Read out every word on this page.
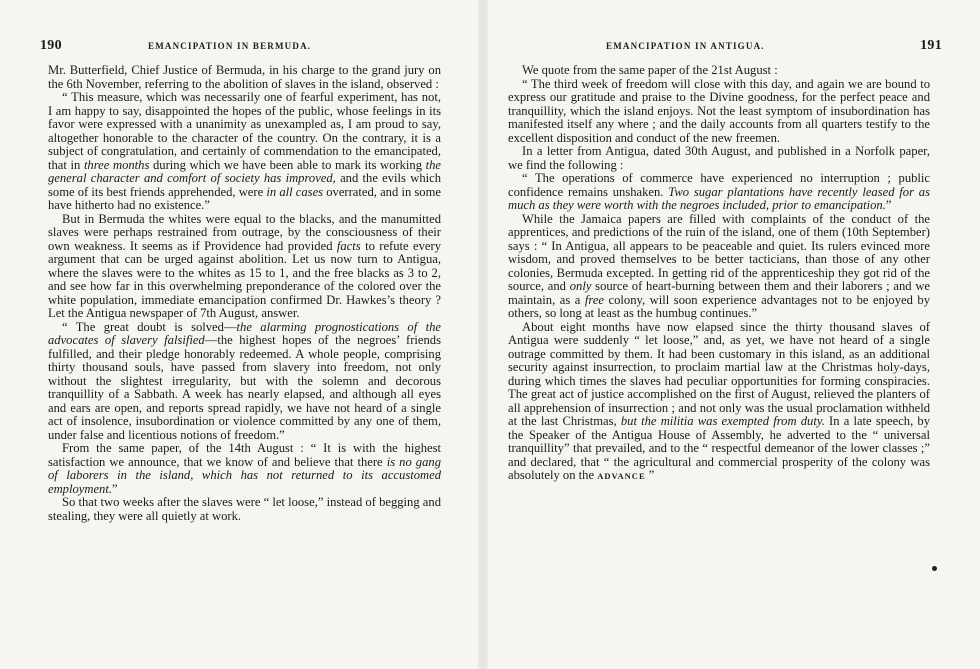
190	EMANCIPATION IN BERMUDA.

Mr. Butterfield, Chief Justice of Bermuda, in his charge to the grand jury on the 6th November, referring to the abolition of slaves in the island, observed :

“ This measure, which was necessarily one of fearful experiment, has not, I am happy to say, disappointed the hopes of the public, whose feelings in its favor were expressed with a unanimity as unexampled as, I am proud to say, altogether honorable to the character of the country. On the contrary, it is a subject of congratulation, and certainly of commendation to the emancipated, that in three months during which we have been able to mark its working the general character and comfort of society has improved, and the evils which some of its best friends apprehended, were in all cases overrated, and in some have hitherto had no existence.”

But in Bermuda the whites were equal to the blacks, and the manumitted slaves were perhaps restrained from outrage, by the consciousness of their own weakness. It seems as if Providence had provided facts to refute every argument that can be urged against abolition. Let us now turn to Antigua, where the slaves were to the whites as 15 to 1, and the free blacks as 3 to 2, and see how far in this overwhelming preponderance of the colored over the white population, immediate emancipation confirmed Dr. Hawkes’s theory ? Let the Antigua newspaper of 7th August, answer.

“ The great doubt is solved—the alarming prognostications of the advocates of slavery falsified—the highest hopes of the negroes’ friends fulfilled, and their pledge honorably redeemed. A whole people, comprising thirty thousand souls, have passed from slavery into freedom, not only without the slightest irregularity, but with the solemn and decorous tranquillity of a Sabbath. A week has nearly elapsed, and although all eyes and ears are open, and reports spread rapidly, we have not heard of a single act of insolence, insubordination or violence committed by any one of them, under false and licentious notions of freedom.”

From the same paper, of the 14th August : “ It is with the highest satisfaction we announce, that we know of and believe that there is no gang of laborers in the island, which has not returned to its accustomed employment.”

So that two weeks after the slaves were “ let loose,” instead of begging and stealing, they were all quietly at work.

EMANCIPATION IN ANTIGUA.	191

We quote from the same paper of the 21st August :

“ The third week of freedom will close with this day, and again we are bound to express our gratitude and praise to the Divine goodness, for the perfect peace and tranquillity, which the island enjoys. Not the least symptom of insubordination has manifested itself any where ; and the daily accounts from all quarters testify to the excellent disposition and conduct of the new freemen.

In a letter from Antigua, dated 30th August, and published in a Norfolk paper, we find the following :

“ The operations of commerce have experienced no interruption ; public confidence remains unshaken. Two sugar plantations have recently leased for as much as they were worth with the negroes included, prior to emancipation.”

While the Jamaica papers are filled with complaints of the conduct of the apprentices, and predictions of the ruin of the island, one of them (10th September) says : “ In Antigua, all appears to be peaceable and quiet. Its rulers evinced more wisdom, and proved themselves to be better tacticians, than those of any other colonies, Bermuda excepted. In getting rid of the apprenticeship they got rid of the source, and only source of heart-burning between them and their laborers ; and we maintain, as a free colony, will soon experience advantages not to be enjoyed by others, so long at least as the humbug continues.”

About eight months have now elapsed since the thirty thousand slaves of Antigua were suddenly “ let loose,” and, as yet, we have not heard of a single outrage committed by them. It had been customary in this island, as an additional security against insurrection, to proclaim martial law at the Christmas holy-days, during which times the slaves had peculiar opportunities for forming conspiracies. The great act of justice accomplished on the first of August, relieved the planters of all apprehension of insurrection ; and not only was the usual proclamation withheld at the last Christmas, but the militia was exempted from duty. In a late speech, by the Speaker of the Antigua House of Assembly, he adverted to the “ universal tranquillity” that prevailed, and to the “ respectful demeanor of the lower classes ;” and declared, that “ the agricultural and commercial prosperity of the colony was absolutely on the ADVANCE ”
